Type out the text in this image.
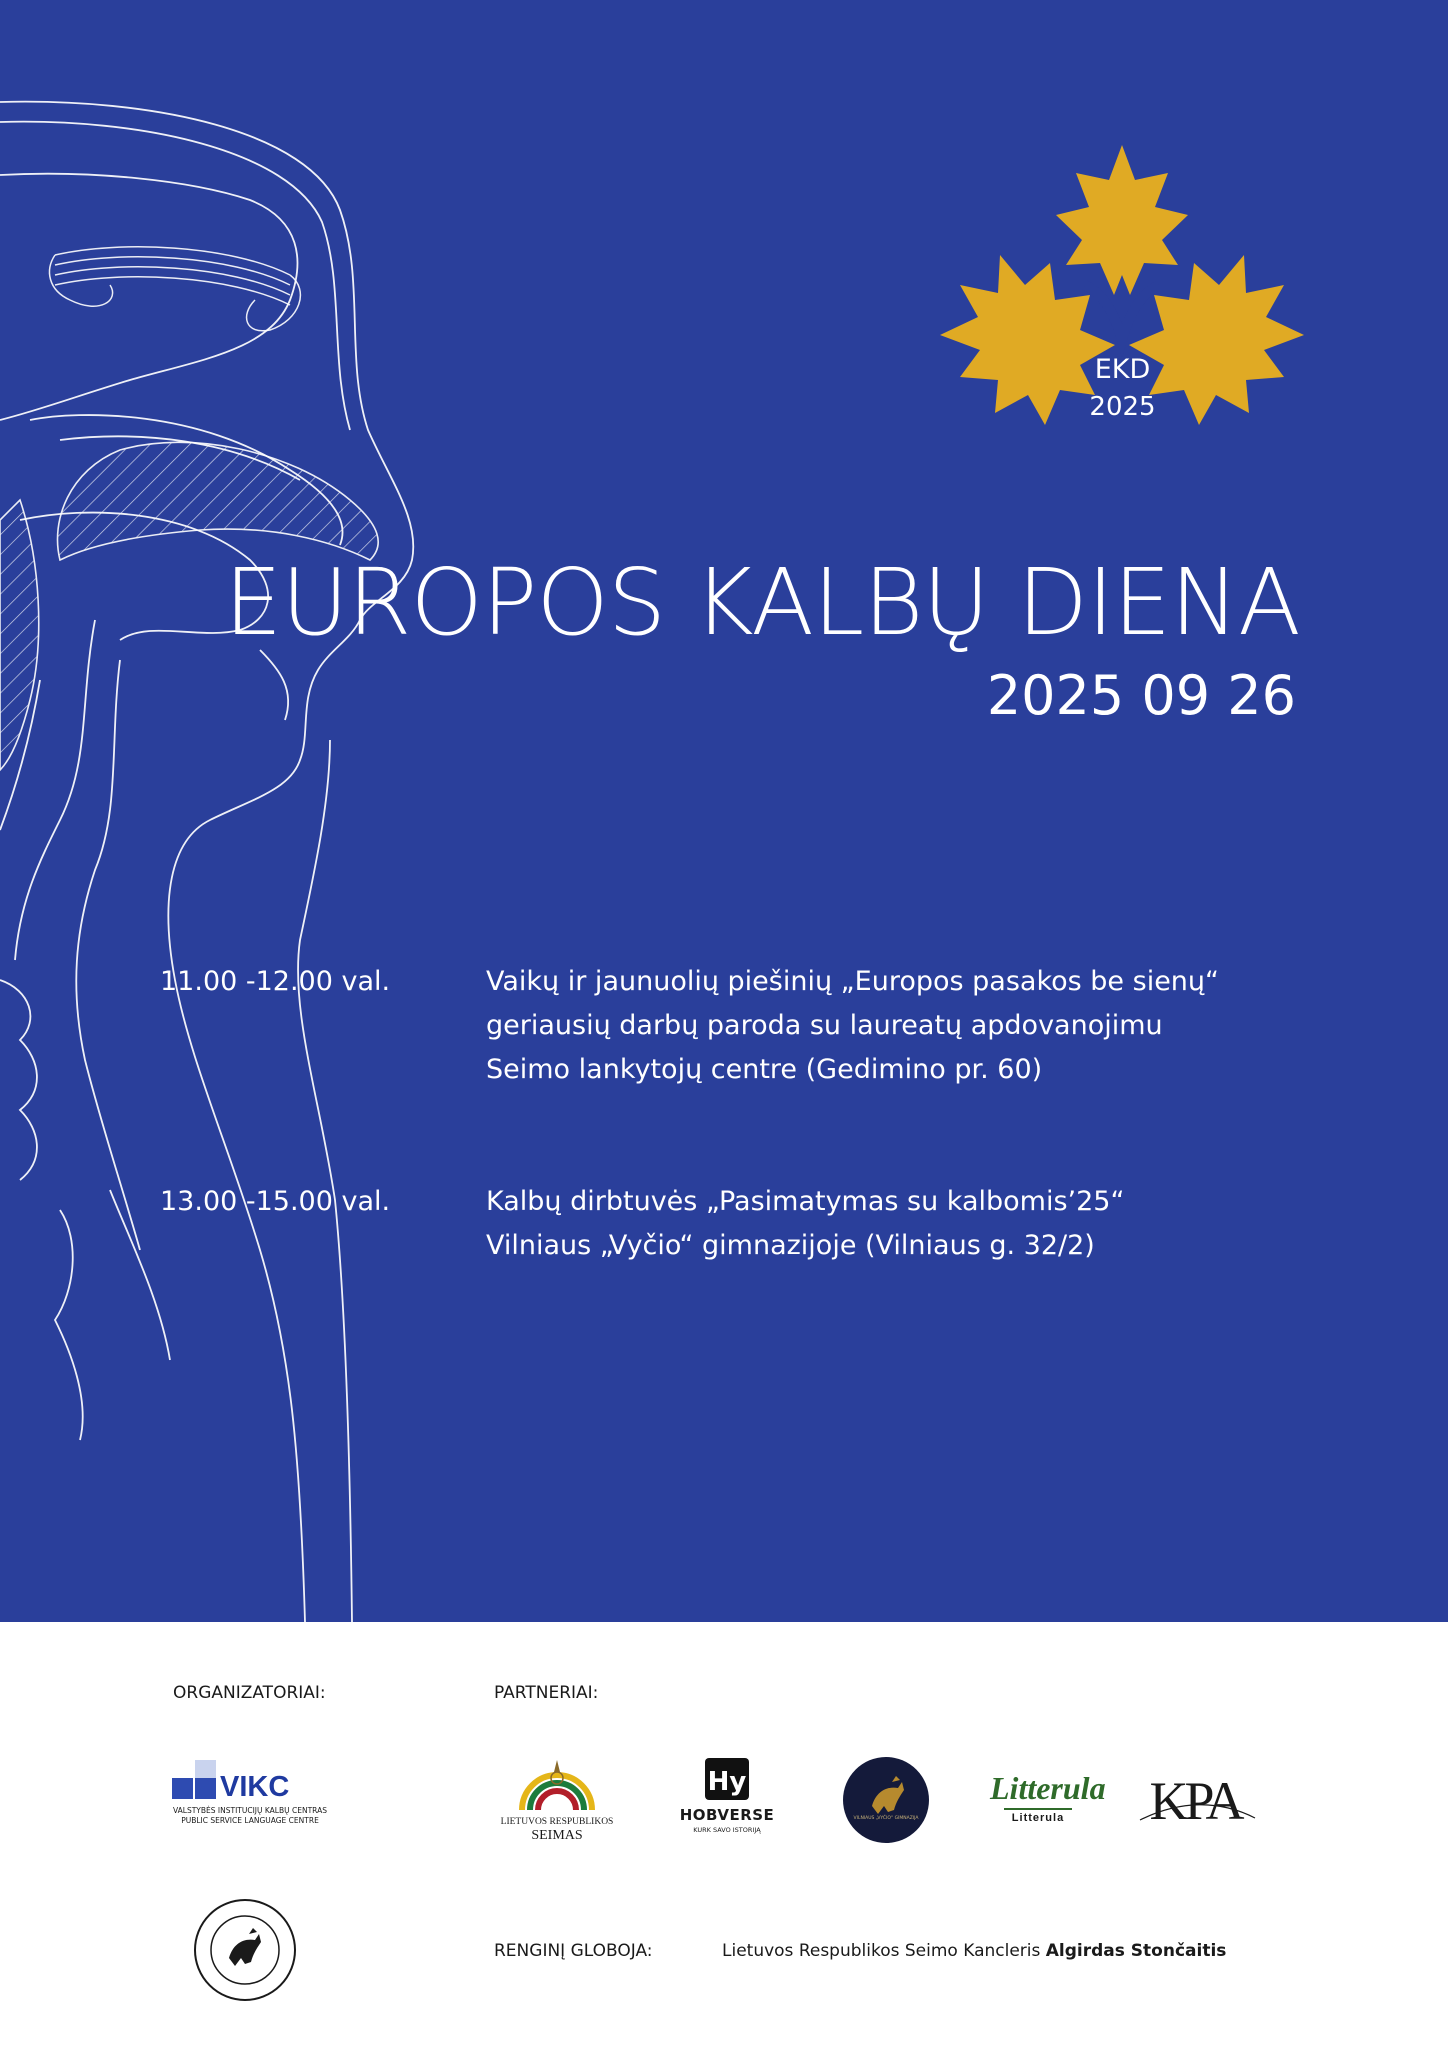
EKD
2025
EUROPOS KALBŲ DIENA
2025 09 26
11.00 -12.00 val.	Vaikų ir jaunuolių piešinių „Europos pasakos be sienų“
geriausių darbų paroda su laureatų apdovanojimu
Seimo lankytojų centre (Gedimino pr. 60)
13.00 -15.00 val.	Kalbų dirbtuvės „Pasimatymas su kalbomis’25“
Vilniaus „Vyčio“ gimnazijoje (Vilniaus g. 32/2)
ORGANIZATORIAI:	PARTNERIAI:
VIKC
VALSTYBĖS INSTITUCIJŲ KALBŲ CENTRAS
PUBLIC SERVICE LANGUAGE CENTRE	LIETUVOS RESPUBLIKOS
SEIMAS
Hy
HOBVERSE
KURK SAVO ISTORIJĄ
VILNIAUS „VYČIO“ GIMNAZIJA
Litterula
Litterula	KPA
RENGINĮ GLOBOJA:	Lietuvos Respublikos Seimo Kancleris Algirdas Stončaitis
